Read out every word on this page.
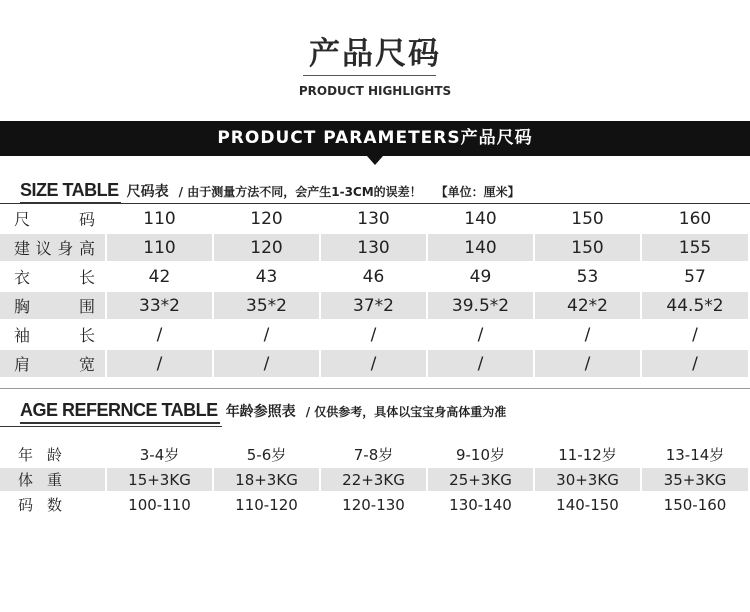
产品尺码
PRODUCT HIGHLIGHTS
PRODUCT PARAMETERS产品尺码
SIZE TABLE 尺码表 / 由于测量方法不同，会产生1-3CM的误差！ 【单位：厘米】
尺码	110	120	130	140	150	160
建议身高	110	120	130	140	150	155
衣长	42	43	46	49	53	57
胸围	33*2	35*2	37*2	39.5*2	42*2	44.5*2
袖长	/	/	/	/	/	/
肩宽	/	/	/	/	/	/
AGE REFERNCE TABLE 年龄参照表 / 仅供参考，具体以宝宝身高体重为准
年龄	3-4岁	5-6岁	7-8岁	9-10岁	11-12岁	13-14岁
体重	15+3KG	18+3KG	22+3KG	25+3KG	30+3KG	35+3KG
码数	100-110	110-120	120-130	130-140	140-150	150-160
